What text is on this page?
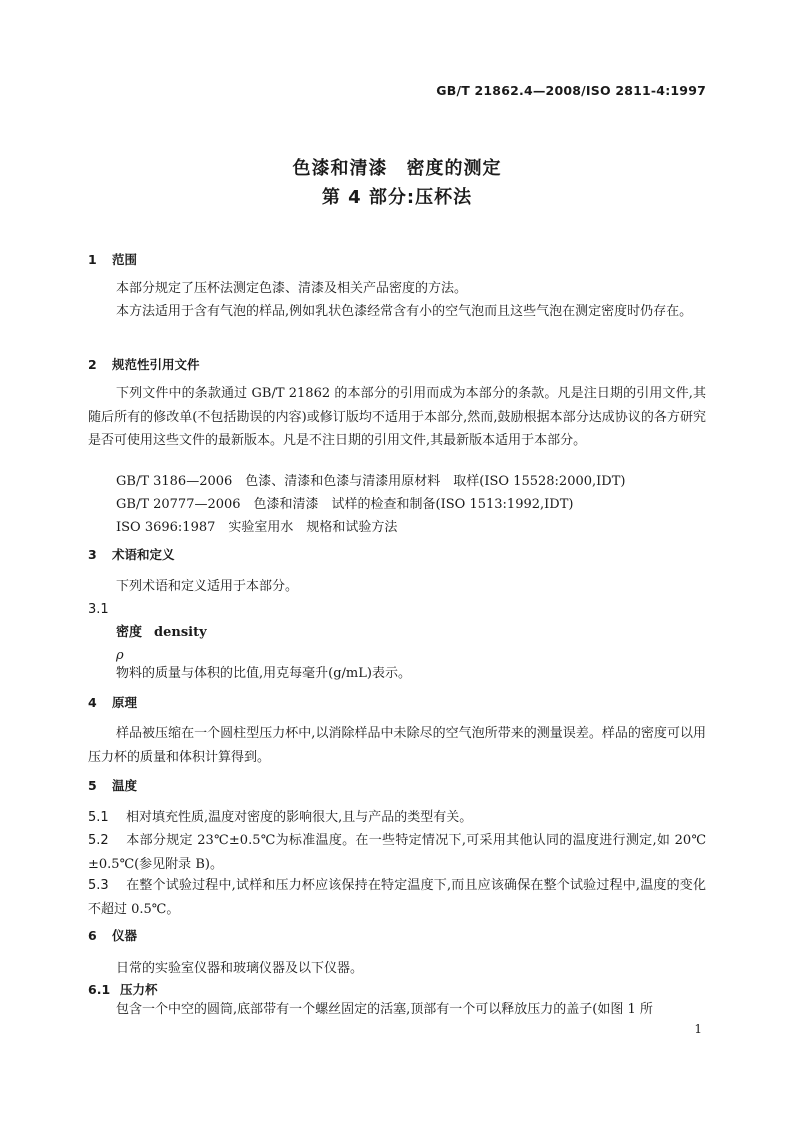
GB/T 21862.4—2008/ISO 2811-4:1997
色漆和清漆　密度的测定
第 4 部分:压杯法
1 范围
本部分规定了压杯法测定色漆、清漆及相关产品密度的方法。
本方法适用于含有气泡的样品,例如乳状色漆经常含有小的空气泡而且这些气泡在测定密度时仍存在。
2 规范性引用文件
下列文件中的条款通过 GB/T 21862 的本部分的引用而成为本部分的条款。凡是注日期的引用文件,其随后所有的修改单(不包括勘误的内容)或修订版均不适用于本部分,然而,鼓励根据本部分达成协议的各方研究是否可使用这些文件的最新版本。凡是不注日期的引用文件,其最新版本适用于本部分。
GB/T 3186—2006　色漆、清漆和色漆与清漆用原材料　取样(ISO 15528:2000,IDT)
GB/T 20777—2006　色漆和清漆　试样的检查和制备(ISO 1513:1992,IDT)
ISO 3696:1987　实验室用水　规格和试验方法
3 术语和定义
下列术语和定义适用于本部分。
3.1
密度 density
ρ
物料的质量与体积的比值,用克每毫升(g/mL)表示。
4 原理
样品被压缩在一个圆柱型压力杯中,以消除样品中未除尽的空气泡所带来的测量误差。样品的密度可以用压力杯的质量和体积计算得到。
5 温度
5.1 相对填充性质,温度对密度的影响很大,且与产品的类型有关。
5.2 本部分规定 23℃±0.5℃为标准温度。在一些特定情况下,可采用其他认同的温度进行测定,如 20℃±0.5℃(参见附录 B)。
5.3 在整个试验过程中,试样和压力杯应该保持在特定温度下,而且应该确保在整个试验过程中,温度的变化不超过 0.5℃。
6 仪器
日常的实验室仪器和玻璃仪器及以下仪器。
6.1 压力杯
包含一个中空的圆筒,底部带有一个螺丝固定的活塞,顶部有一个可以释放压力的盖子(如图 1 所
1
